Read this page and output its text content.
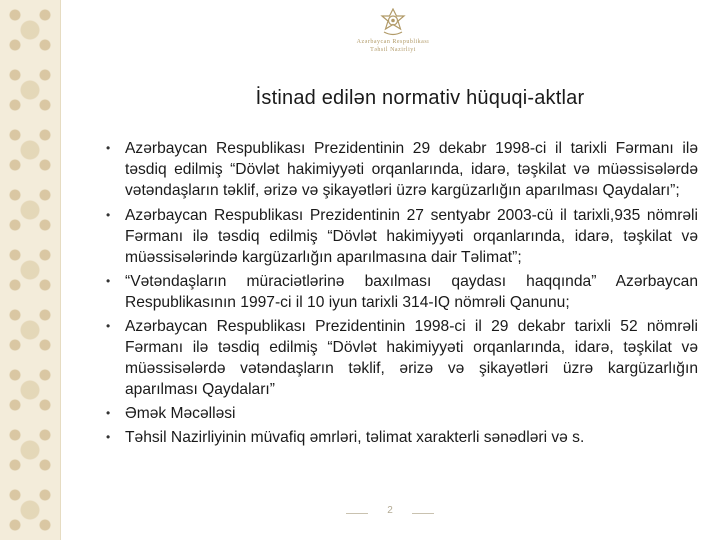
Azərbaycan Respublikası
Təhsil Nazirliyi
İstinad edilən normativ hüquqi-aktlar
• Azərbaycan Respublikası Prezidentinin 29 dekabr 1998-ci il tarixli Fərmanı ilə təsdiq edilmiş “Dövlət hakimiyyəti orqanlarında, idarə, təşkilat və müəssisələrdə vətəndaşların təklif, ərizə və şikayətləri üzrə kargüzarlığın aparılması Qaydaları”;
• Azərbaycan Respublikası Prezidentinin 27 sentyabr 2003-cü il tarixli,935 nömrəli Fərmanı ilə təsdiq edilmiş “Dövlət hakimiyyəti orqanlarında, idarə, təşkilat və müəssisələrində kargüzarlığın aparılmasına dair Təlimat”;
• “Vətəndaşların müraciətlərinə baxılması qaydası haqqında” Azərbaycan Respublikasının 1997-ci il 10 iyun tarixli 314-IQ nömrəli Qanunu;
• Azərbaycan Respublikası Prezidentinin 1998-ci il 29 dekabr tarixli 52 nömrəli Fərmanı ilə təsdiq edilmiş “Dövlət hakimiyyəti orqanlarında, idarə, təşkilat və müəssisələrdə vətəndaşların təklif, ərizə və şikayətləri üzrə kargüzarlığın aparılması Qaydaları”
• Əmək Məcəlləsi
• Təhsil Nazirliyinin müvafiq əmrləri, təlimat xarakterli sənədləri və s.
2
